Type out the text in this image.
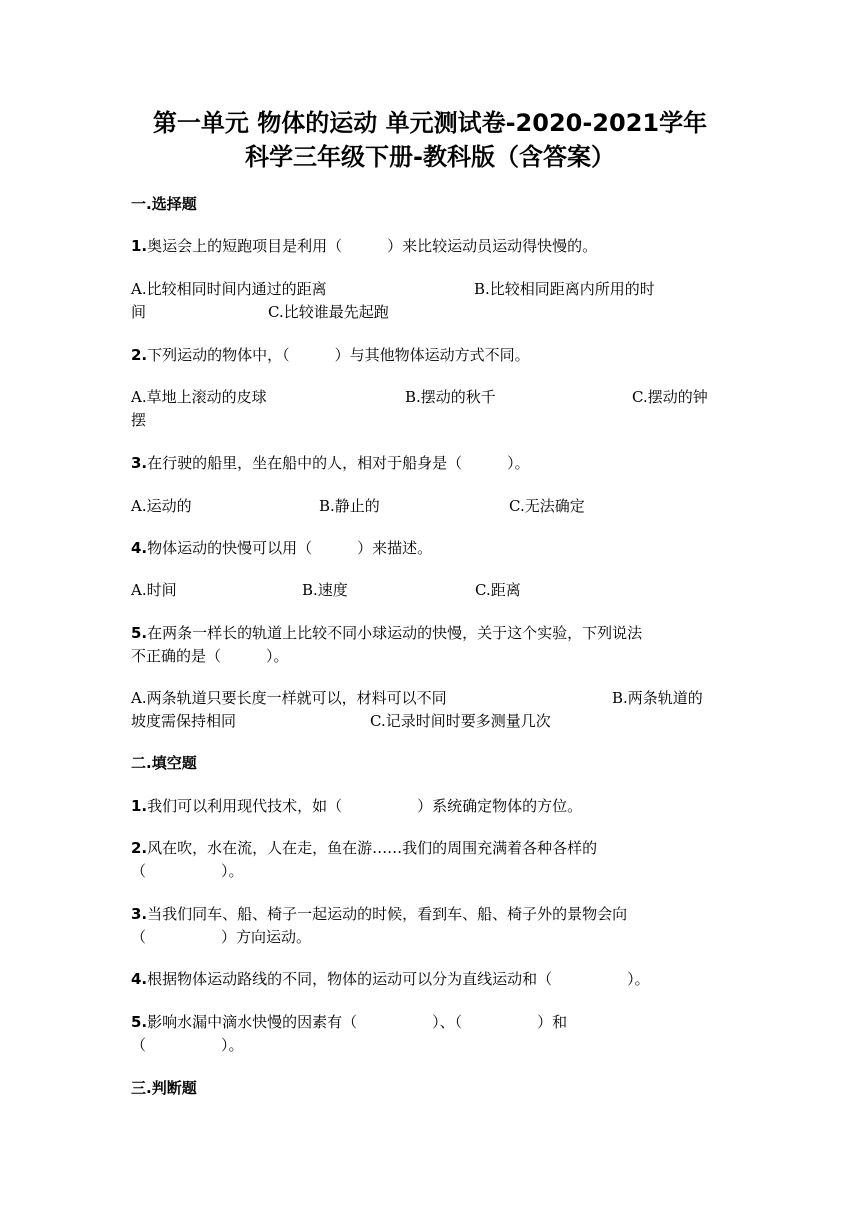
第一单元 物体的运动 单元测试卷-2020-2021学年
科学三年级下册-教科版（含答案）
一.选择题
1.奥运会上的短跑项目是利用（　　　）来比较运动员运动得快慢的。
A.比较相同时间内通过的距离	B.比较相同距离内所用的时
间	C.比较谁最先起跑
2.下列运动的物体中，（　　　）与其他物体运动方式不同。
A.草地上滚动的皮球	B.摆动的秋千	C.摆动的钟
摆
3.在行驶的船里，坐在船中的人，相对于船身是（　　　）。
A.运动的	B.静止的	C.无法确定
4.物体运动的快慢可以用（　　　）来描述。
A.时间	B.速度	C.距离
5.在两条一样长的轨道上比较不同小球运动的快慢，关于这个实验，下列说法
不正确的是（　　　）。
A.两条轨道只要长度一样就可以，材料可以不同	B.两条轨道的
坡度需保持相同	C.记录时间时要多测量几次
二.填空题
1.我们可以利用现代技术，如（　　　　　）系统确定物体的方位。
2.风在吹，水在流，人在走，鱼在游……我们的周围充满着各种各样的
（　　　　　）。
3.当我们同车、船、椅子一起运动的时候，看到车、船、椅子外的景物会向
（　　　　　）方向运动。
4.根据物体运动路线的不同，物体的运动可以分为直线运动和（　　　　　）。
5.影响水漏中滴水快慢的因素有（　　　　　）、（　　　　　）和
（　　　　　）。
三.判断题
